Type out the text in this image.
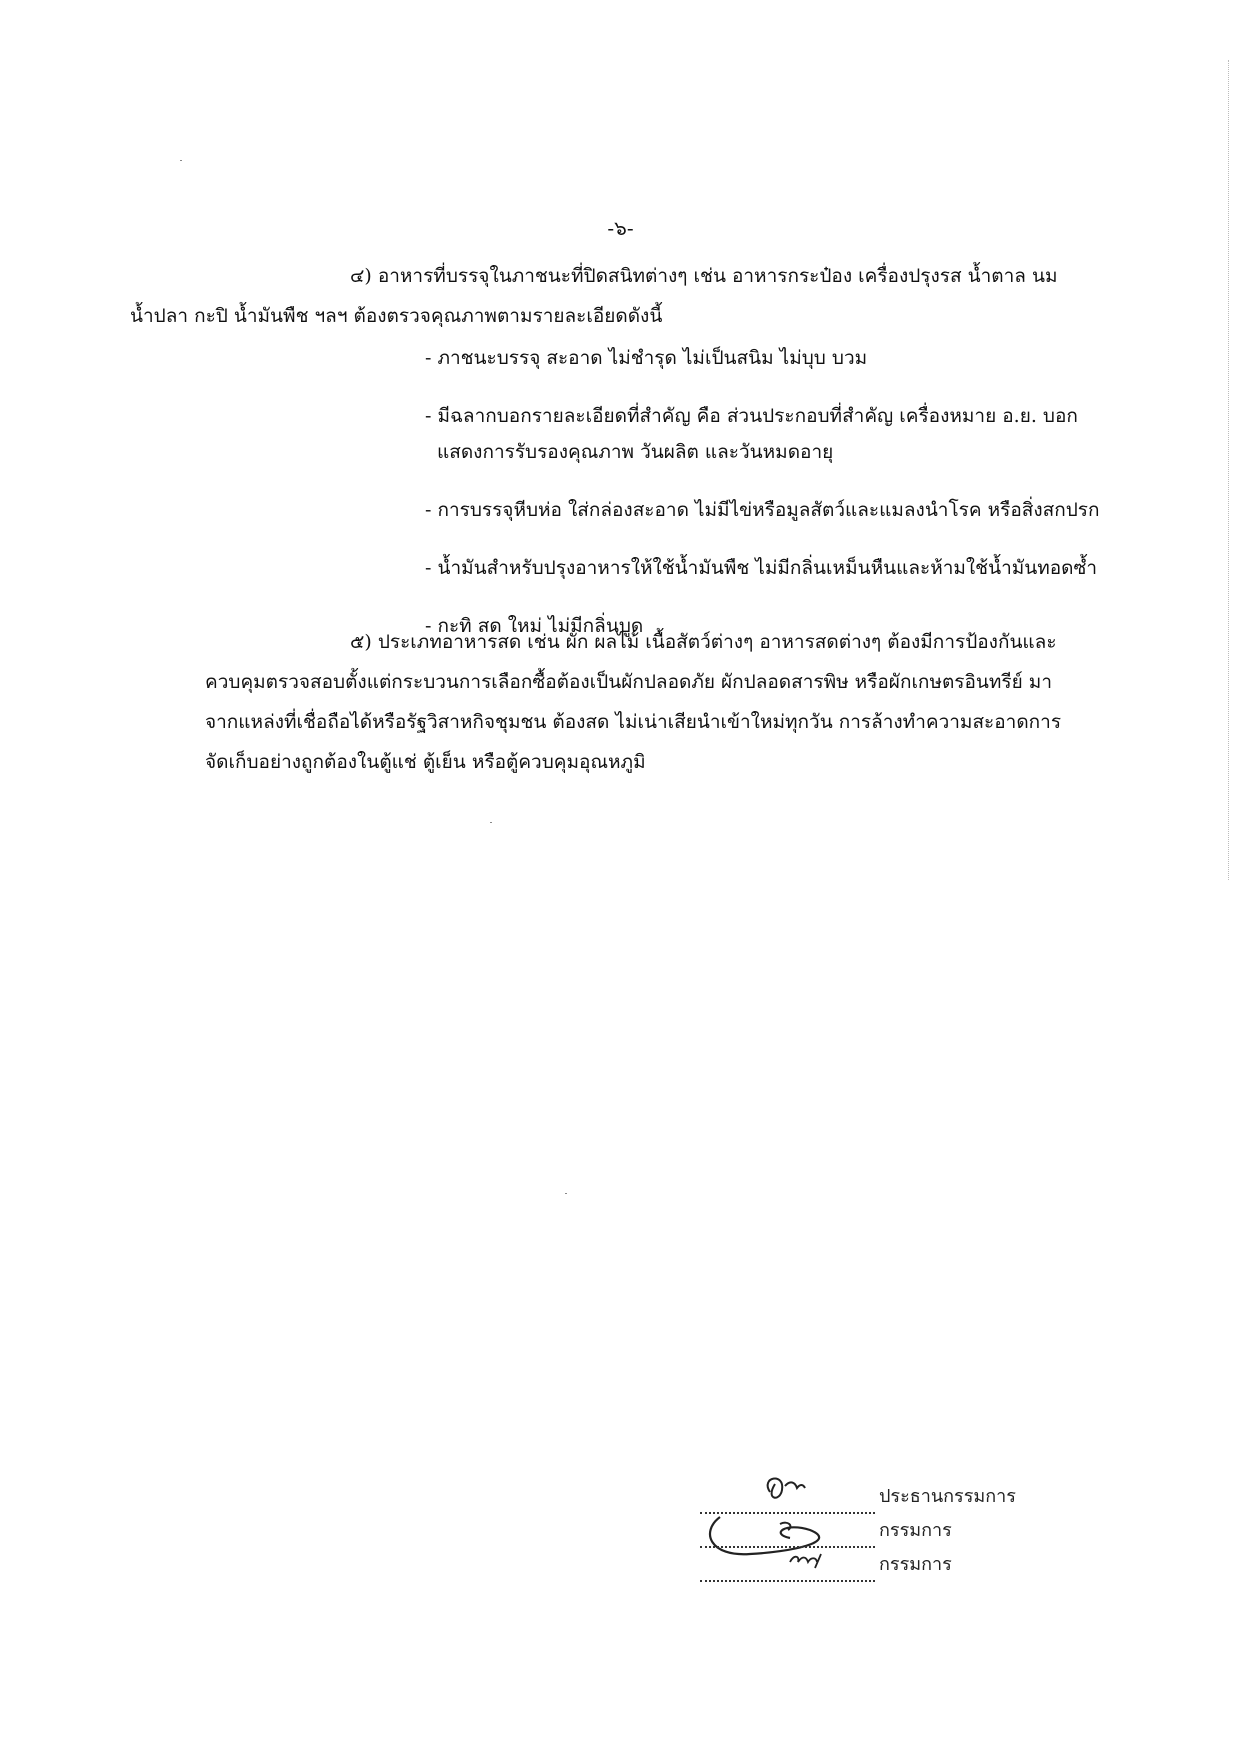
-๖-

๔) อาหารที่บรรจุในภาชนะที่ปิดสนิทต่างๆ เช่น อาหารกระป๋อง เครื่องปรุงรส น้ำตาล นม
น้ำปลา กะปิ น้ำมันพืช ฯลฯ ต้องตรวจคุณภาพตามรายละเอียดดังนี้

- ภาชนะบรรจุ สะอาด ไม่ชำรุด ไม่เป็นสนิม ไม่บุบ บวม
- มีฉลากบอกรายละเอียดที่สำคัญ คือ ส่วนประกอบที่สำคัญ เครื่องหมาย อ.ย. บอก
แสดงการรับรองคุณภาพ วันผลิต และวันหมดอายุ
- การบรรจุหีบห่อ ใส่กล่องสะอาด ไม่มีไข่หรือมูลสัตว์และแมลงนำโรค หรือสิ่งสกปรก
- น้ำมันสำหรับปรุงอาหารให้ใช้น้ำมันพืช ไม่มีกลิ่นเหม็นหืนและห้ามใช้น้ำมันทอดซ้ำ
- กะทิ สด ใหม่ ไม่มีกลิ่นบูด

๕) ประเภทอาหารสด เช่น ผัก ผลไม้ เนื้อสัตว์ต่างๆ อาหารสดต่างๆ ต้องมีการป้องกันและ
ควบคุมตรวจสอบตั้งแต่กระบวนการเลือกซื้อต้องเป็นผักปลอดภัย ผักปลอดสารพิษ หรือผักเกษตรอินทรีย์ มา
จากแหล่งที่เชื่อถือได้หรือรัฐวิสาหกิจชุมชน ต้องสด ไม่เน่าเสียนำเข้าใหม่ทุกวัน การล้างทำความสะอาดการ
จัดเก็บอย่างถูกต้องในตู้แช่ ตู้เย็น หรือตู้ควบคุมอุณหภูมิ

ประธานกรรมการ
กรรมการ
กรรมการ
